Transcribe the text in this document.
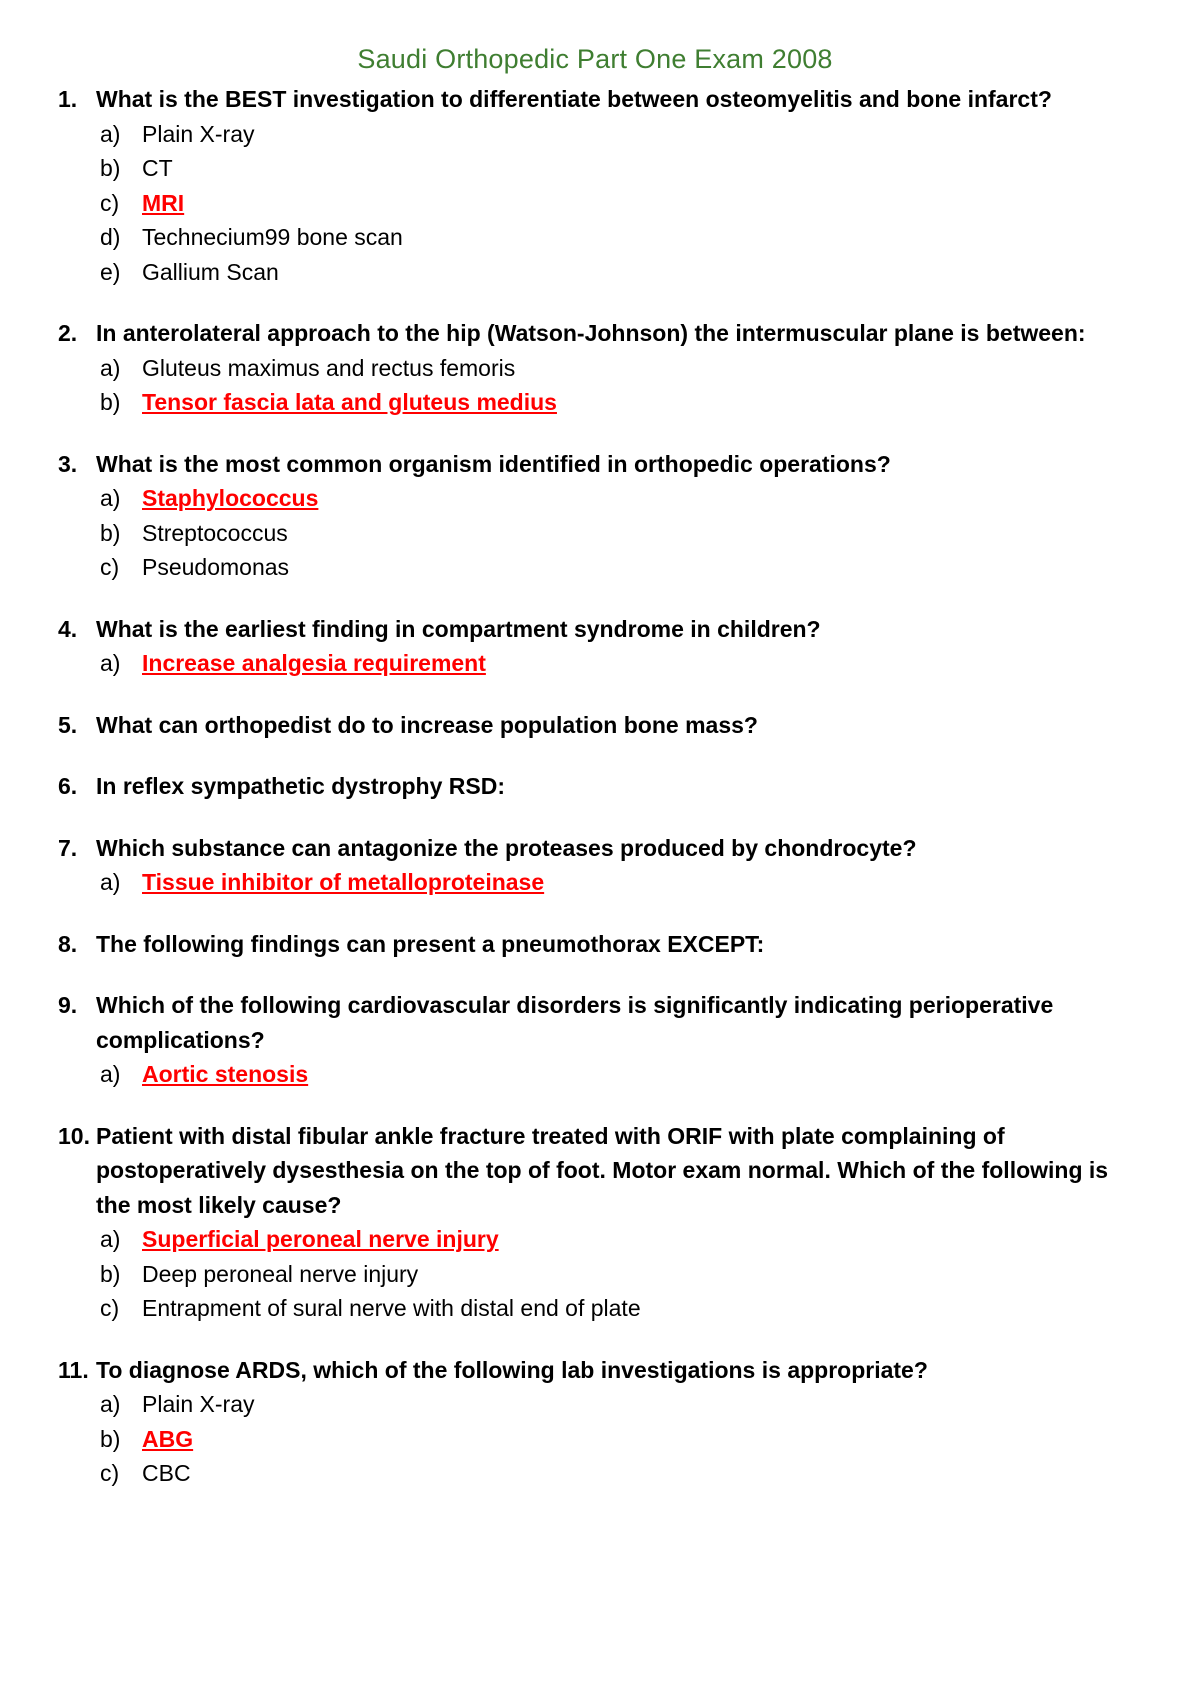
Saudi Orthopedic Part One Exam 2008
1. What is the BEST investigation to differentiate between osteomyelitis and bone infarct?
a) Plain X-ray
b) CT
c) MRI
d) Technecium99 bone scan
e) Gallium Scan
2. In anterolateral approach to the hip (Watson-Johnson) the intermuscular plane is between:
a) Gluteus maximus and rectus femoris
b) Tensor fascia lata and gluteus medius
3. What is the most common organism identified in orthopedic operations?
a) Staphylococcus
b) Streptococcus
c) Pseudomonas
4. What is the earliest finding in compartment syndrome in children?
a) Increase analgesia requirement
5. What can orthopedist do to increase population bone mass?
6. In reflex sympathetic dystrophy RSD:
7. Which substance can antagonize the proteases produced by chondrocyte?
a) Tissue inhibitor of metalloproteinase
8. The following findings can present a pneumothorax EXCEPT:
9. Which of the following cardiovascular disorders is significantly indicating perioperative complications?
a) Aortic stenosis
10. Patient with distal fibular ankle fracture treated with ORIF with plate complaining of postoperatively dysesthesia on the top of foot. Motor exam normal. Which of the following is the most likely cause?
a) Superficial peroneal nerve injury
b) Deep peroneal nerve injury
c) Entrapment of sural nerve with distal end of plate
11. To diagnose ARDS, which of the following lab investigations is appropriate?
a) Plain X-ray
b) ABG
c) CBC
